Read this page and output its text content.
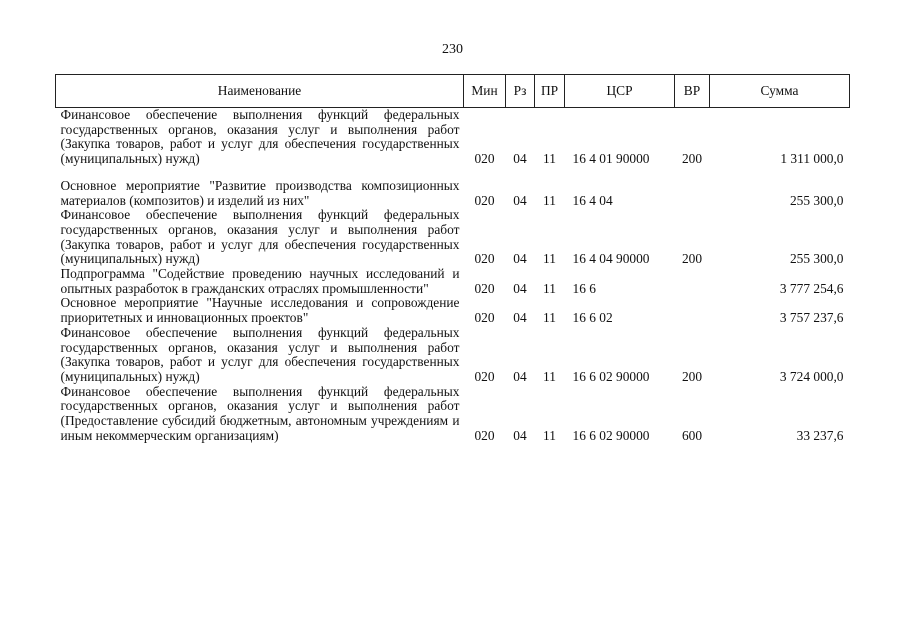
230
Наименование	Мин	Рз	ПР	ЦСР	ВР	Сумма
Финансовое обеспечение выполнения функций федеральных государственных органов, оказания услуг и выполнения работ (Закупка товаров, работ и услуг для обеспечения государственных (муниципальных) нужд)	020	04	11	16 4 01 90000	200	1 311 000,0
Основное мероприятие "Развитие производства композиционных материалов (композитов) и изделий из них"	020	04	11	16 4 04		255 300,0
Финансовое обеспечение выполнения функций федеральных государственных органов, оказания услуг и выполнения работ (Закупка товаров, работ и услуг для обеспечения государственных (муниципальных) нужд)	020	04	11	16 4 04 90000	200	255 300,0
Подпрограмма "Содействие проведению научных исследований и опытных разработок в гражданских отраслях промышленности"	020	04	11	16 6		3 777 254,6
Основное мероприятие "Научные исследования и сопровождение приоритетных и инновационных проектов"	020	04	11	16 6 02		3 757 237,6
Финансовое обеспечение выполнения функций федеральных государственных органов, оказания услуг и выполнения работ (Закупка товаров, работ и услуг для обеспечения государственных (муниципальных) нужд)	020	04	11	16 6 02 90000	200	3 724 000,0
Финансовое обеспечение выполнения функций федеральных государственных органов, оказания услуг и выполнения работ (Предоставление субсидий бюджетным, автономным учреждениям и иным некоммерческим организациям)	020	04	11	16 6 02 90000	600	33 237,6
